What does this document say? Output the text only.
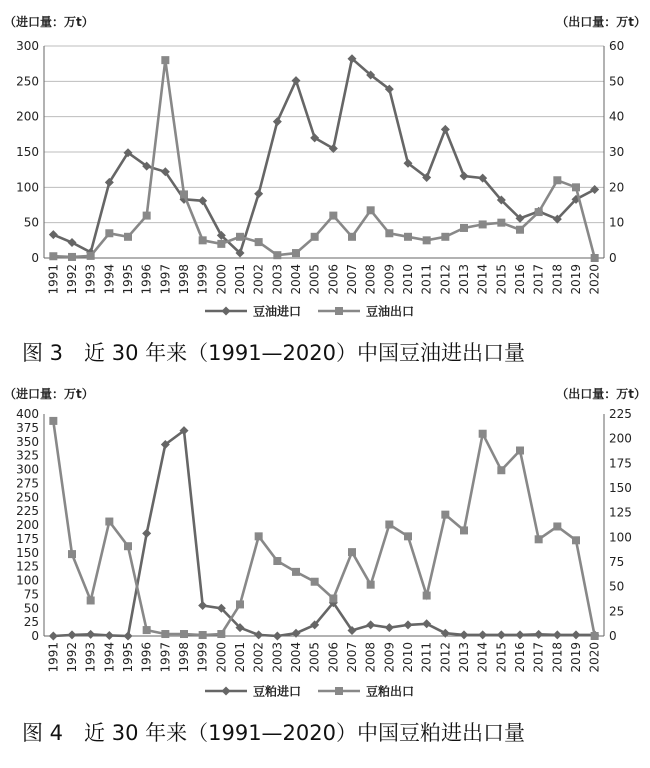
（进口量：万t）	（出口量：万t）
0
50
100
150
200
250
300
0
10
20
30
40
50
60
1991 1992 1993 1994 1995 1996 1997 1998 1999 2000 2001 2002 2003 2004 2005 2006 2007 2008 2009 2010 2011 2012 2013 2014 2015 2016 2017 2018 2019 2020
豆油进口	豆油出口
图 3　近 30 年来（1991—2020）中国豆油进出口量
（进口量：万t）	（出口量：万t）
0
25
50
75
100
125
150
175
200
225
250
275
300
325
350
375
400
0
25
50
75
100
125
150
175
200
225
1991 1992 1993 1994 1995 1996 1997 1998 1999 2000 2001 2002 2003 2004 2005 2006 2007 2008 2009 2010 2011 2012 2013 2014 2015 2016 2017 2018 2019 2020
豆粕进口	豆粕出口
图 4　近 30 年来（1991—2020）中国豆粕进出口量
